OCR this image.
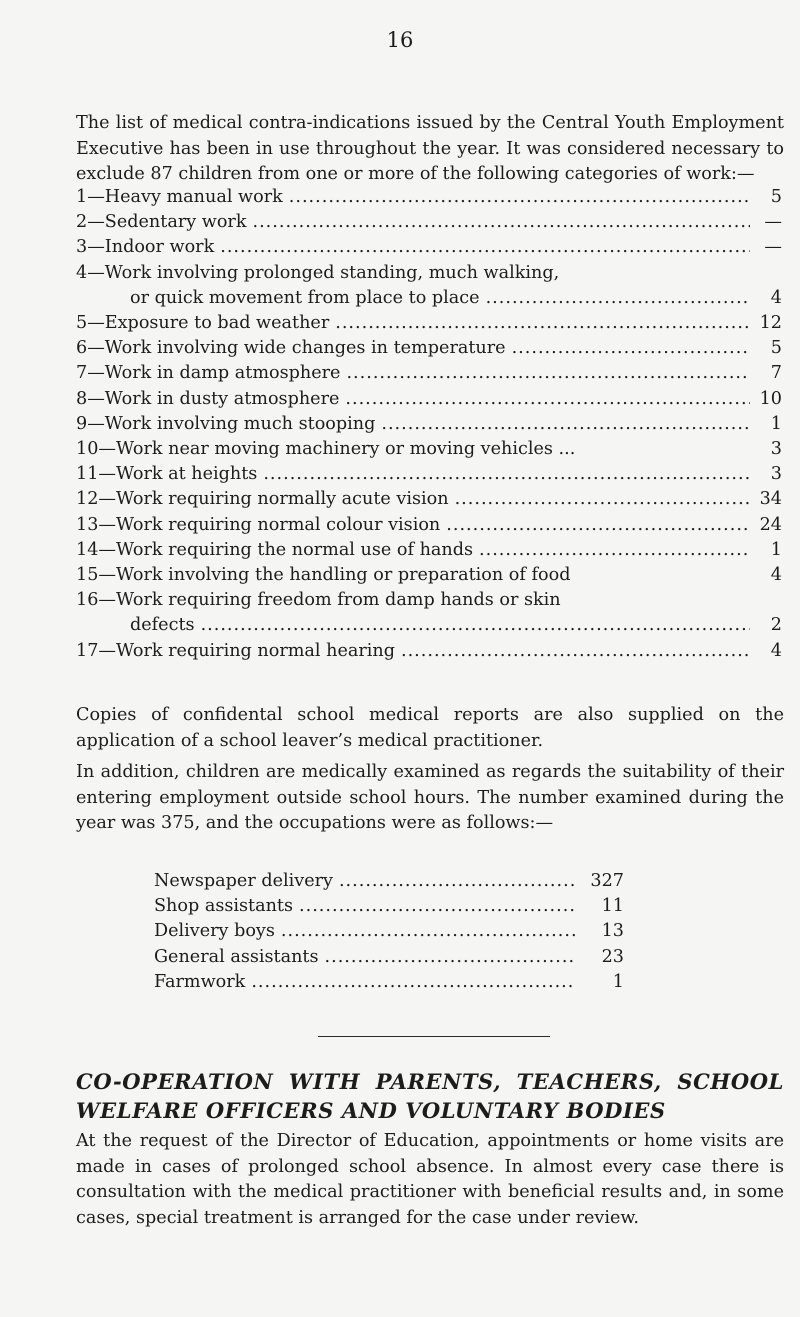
16

The list of medical contra-indications issued by the Central Youth Employment Executive has been in use throughout the year. It was considered necessary to exclude 87 children from one or more of the following categories of work:—

1—Heavy manual work .....	5
2—Sedentary work .....	—
3—Indoor work .....	—
4—Work involving prolonged standing, much walking,
or quick movement from place to place .....	4
5—Exposure to bad weather .....	12
6—Work involving wide changes in temperature .....	5
7—Work in damp atmosphere .....	7
8—Work in dusty atmosphere .....	10
9—Work involving much stooping .....	1
10—Work near moving machinery or moving vehicles ...	3
11—Work at heights .....	3
12—Work requiring normally acute vision .....	34
13—Work requiring normal colour vision .....	24
14—Work requiring the normal use of hands .....	1
15—Work involving the handling or preparation of food	4
16—Work requiring freedom from damp hands or skin
defects .....	2
17—Work requiring normal hearing .....	4

Copies of confidental school medical reports are also supplied on the application of a school leaver’s medical practitioner.

In addition, children are medically examined as regards the suitability of their entering employment outside school hours. The number examined during the year was 375, and the occupations were as follows:—

Newspaper delivery .....	327
Shop assistants .....	11
Delivery boys .....	13
General assistants .....	23
Farmwork .....	1
CO-OPERATION WITH PARENTS, TEACHERS, SCHOOL
WELFARE OFFICERS AND VOLUNTARY BODIES

At the request of the Director of Education, appointments or home visits are made in cases of prolonged school absence. In almost every case there is consultation with the medical practitioner with beneficial results and, in some cases, special treatment is arranged for the case under review.
